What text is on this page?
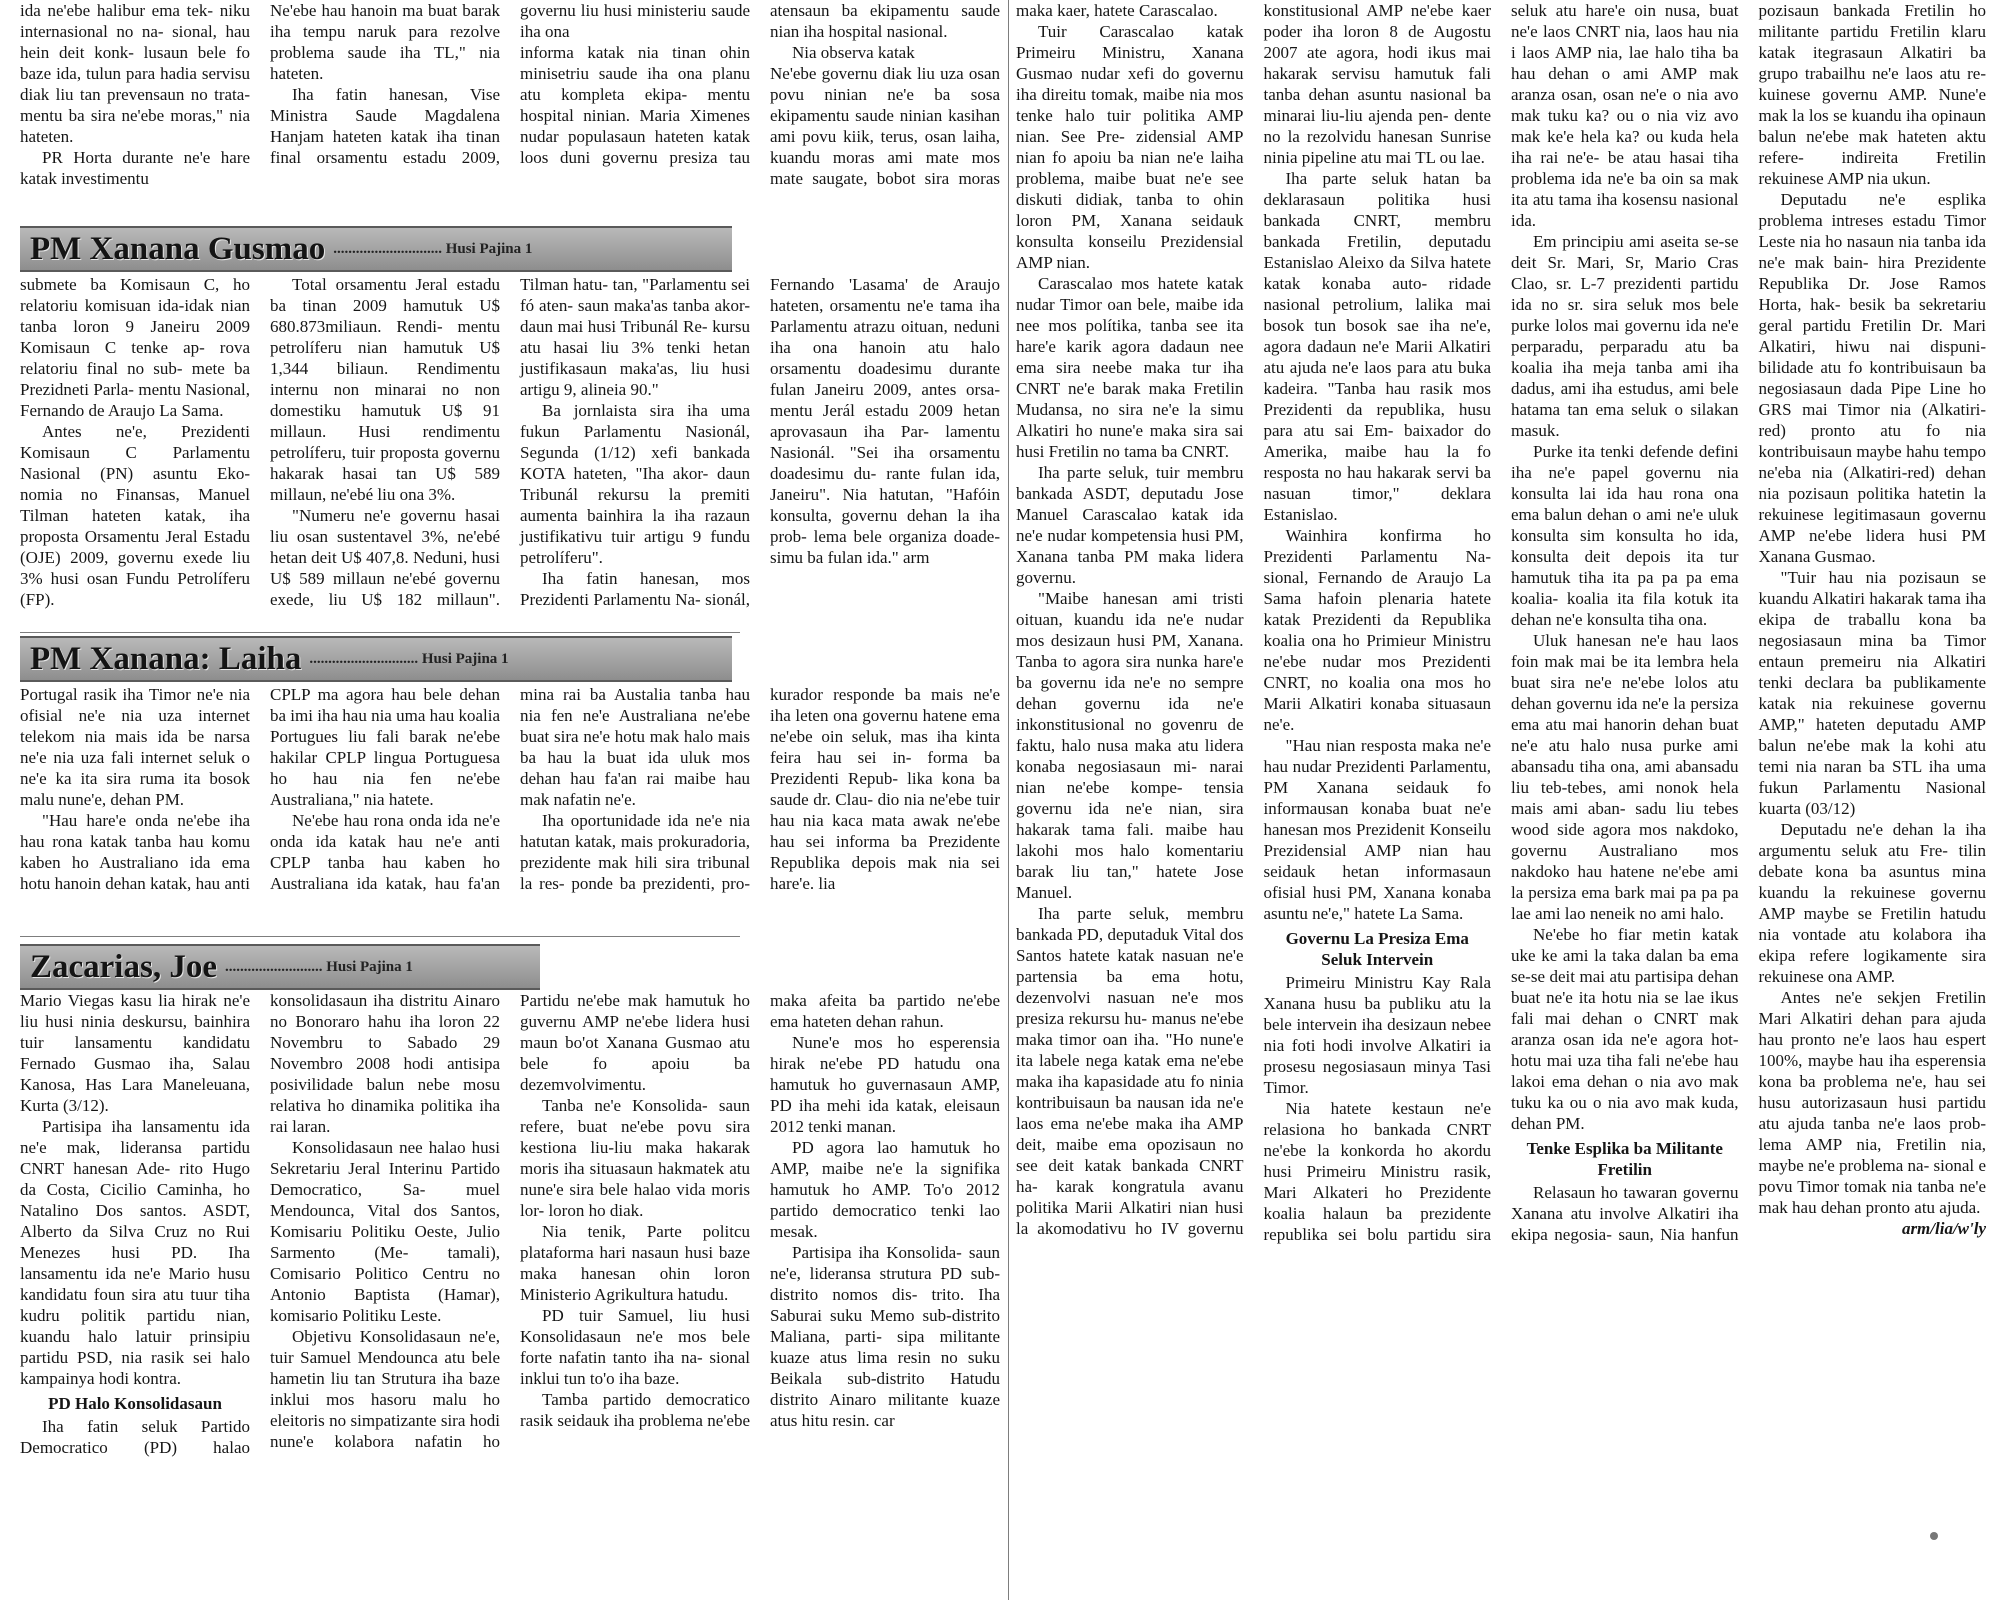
ida ne'ebe halibur ema tek- niku internasional no na- sional, hau hein deit konk- lusaun bele fo baze ida, tulun para hadia servisu diak liu tan prevensaun no trata- mentu ba sira ne'ebe moras," nia hateten.

PR Horta durante ne'e hare katak investimentu

Ne'ebe hau hanoin ma buat barak iha tempu naruk para rezolve problema saude iha TL," nia hateten.

Iha fatin hanesan, Vise Ministra Saude Magdalena Hanjam hateten katak iha tinan final orsamentu estadu 2009, governu liu husi ministeriu saude iha ona

informa katak nia tinan ohin minisetriu saude iha ona planu atu kompleta ekipa- mentu hospital ninian. Maria Ximenes nudar populasaun hateten katak loos duni governu presiza tau atensaun ba ekipamentu saude nian iha hospital nasional.

Nia observa katak

Ne'ebe governu diak liu uza osan povu ninian ne'e ba sosa ekipamentu saude ninian kasihan ami povu kiik, terus, osan laiha, kuandu moras ami mate mos mate saugate, bobot sira moras

PM Xanana Gusmao ............................. Husi Pajina 1

submete ba Komisaun C, ho relatoriu komisuan ida-idak nian tanba loron 9 Janeiru 2009 Komisaun C tenke ap- rova relatoriu final no sub- mete ba Prezidneti Parla- mentu Nasional, Fernando de Araujo La Sama.

Antes ne'e, Prezidenti Komisaun C Parlamentu Nasional (PN) asuntu Eko- nomia no Finansas, Manuel Tilman hateten katak, iha proposta Orsamentu Jeral Estadu (OJE) 2009, governu exede liu 3% husi osan Fundu Petrolíferu (FP).

Total orsamentu Jeral estadu ba tinan 2009 hamutuk U$ 680.873miliaun. Rendi- mentu petrolíferu nian hamutuk U$ 1,344 biliaun. Rendimentu internu non minarai no non domestiku hamutuk U$ 91 millaun. Husi rendimentu petrolíferu, tuir proposta governu hakarak hasai tan U$ 589 millaun, ne'ebé liu ona 3%.

"Numeru ne'e governu hasai liu osan sustentavel 3%, ne'ebé hetan deit U$ 407,8. Neduni, husi U$ 589 millaun ne'ebé governu exede, liu U$ 182 millaun". Tilman hatu- tan, "Parlamentu sei fó aten- saun maka'as tanba akor- daun mai husi Tribunál Re- kursu atu hasai liu 3% tenki hetan justifikasaun maka'as, liu husi artigu 9, alineia 90."

Ba jornlaista sira iha uma fukun Parlamentu Nasionál, Segunda (1/12) xefi bankada KOTA hateten, "Iha akor- daun Tribunál rekursu la premiti aumenta bainhira la iha razaun justifikativu tuir artigu 9 fundu petrolíferu".

Iha fatin hanesan, mos Prezidenti Parlamentu Na- sionál, Fernando 'Lasama' de Araujo hateten, orsamentu ne'e tama iha Parlamentu atrazu oituan, neduni iha ona hanoin atu halo orsamentu doadesimu durante fulan Janeiru 2009, antes orsa- mentu Jerál estadu 2009 hetan aprovasaun iha Par- lamentu Nasionál. "Sei iha orsamentu doadesimu du- rante fulan ida, Janeiru". Nia hatutan, "Hafóin konsulta, governu dehan la iha prob- lema bele organiza doade- simu ba fulan ida." arm

PM Xanana: Laiha ............................. Husi Pajina 1

Portugal rasik iha Timor ne'e nia ofisial ne'e nia uza internet telekom nia mais ida be narsa ne'e nia uza fali internet seluk o ne'e ka ita sira ruma ita bosok malu nune'e, dehan PM.

"Hau hare'e onda ne'ebe iha hau rona katak tanba hau komu kaben ho Australiano ida ema hotu hanoin dehan katak, hau anti CPLP ma agora hau bele dehan ba imi iha hau nia uma hau koalia Portugues liu fali barak ne'ebe hakilar CPLP lingua Portuguesa ho hau nia fen ne'ebe Australiana," nia hatete.

Ne'ebe hau rona onda ida ne'e onda ida katak hau ne'e anti CPLP tanba hau kaben ho Australiana ida katak, hau fa'an mina rai ba Austalia tanba hau nia fen ne'e Australiana ne'ebe buat sira ne'e hotu mak halo mais ba hau la buat ida uluk mos dehan hau fa'an rai maibe hau mak nafatin ne'e.

Iha oportunidade ida ne'e nia hatutan katak, mais prokuradoria, prezidente mak hili sira tribunal la res- ponde ba prezidenti, pro- kurador responde ba mais ne'e iha leten ona governu hatene ema ne'ebe oin seluk, mas iha kinta feira hau sei in- forma ba Prezidenti Repub- lika kona ba saude dr. Clau- dio nia ne'ebe tuir hau nia kaca mata awak ne'ebe hau sei informa ba Prezidente Republika depois mak nia sei hare'e. lia

Zacarias, Joe .......................... Husi Pajina 1

Mario Viegas kasu lia hirak ne'e liu husi ninia deskursu, bainhira tuir lansamentu kandidatu Fernado Gusmao iha, Salau Kanosa, Has Lara Maneleuana, Kurta (3/12).

Partisipa iha lansamentu ida ne'e mak, lideransa partidu CNRT hanesan Ade- rito Hugo da Costa, Cicilio Caminha, ho Natalino Dos santos. ASDT, Alberto da Silva Cruz no Rui Menezes husi PD. Iha lansamentu ida ne'e Mario husu kandidatu foun sira atu tuur tiha kudru politik partidu nian, kuandu halo latuir prinsipiu partidu PSD, nia rasik sei halo kampainya hodi kontra.

PD Halo Konsolidasaun

Iha fatin seluk Partido Democratico (PD) halao konsolidasaun iha distritu Ainaro no Bonoraro hahu iha loron 22 Novembru to Sabado 29 Novembro 2008 hodi antisipa posivilidade balun nebe mosu relativa ho dinamika politika iha rai laran.

Konsolidasaun nee halao husi Sekretariu Jeral Interinu Partido Democratico, Sa- muel Mendounca, Vital dos Santos, Komisariu Politiku Oeste, Julio Sarmento (Me- tamali), Comisario Politico Centru no Antonio Baptista (Hamar), komisario Politiku Leste.

Objetivu Konsolidasaun ne'e, tuir Samuel Mendounca atu bele hametin liu tan Strutura iha baze inklui mos hasoru malu ho eleitoris no simpatizante sira hodi nune'e kolabora nafatin ho Partidu ne'ebe mak hamutuk ho guvernu AMP ne'ebe lidera husi maun bo'ot Xanana Gusmao atu bele fo apoiu ba dezemvolvimentu.

Tanba ne'e Konsolida- saun refere, buat ne'ebe povu sira kestiona liu-liu maka hakarak moris iha situasaun hakmatek atu nune'e sira bele halao vida moris lor- loron ho diak.

Nia tenik, Parte politcu plataforma hari nasaun husi baze maka hanesan ohin loron Ministerio Agrikultura hatudu.

PD tuir Samuel, liu husi Konsolidasaun ne'e mos bele forte nafatin tanto iha na- sional inklui tun to'o iha baze.

Tamba partido democratico rasik seidauk iha problema ne'ebe maka afeita ba partido ne'ebe ema hateten dehan rahun.

Nune'e mos ho esperensia hirak ne'ebe PD hatudu ona hamutuk ho guvernasaun AMP, PD iha mehi ida katak, eleisaun 2012 tenki manan.

PD agora lao hamutuk ho AMP, maibe ne'e la signifika hamutuk ho AMP. To'o 2012 partido democratico tenki lao mesak.

Partisipa iha Konsolida- saun ne'e, lideransa strutura PD sub-distrito nomos dis- trito. Iha Saburai suku Memo sub-distrito Maliana, parti- sipa militante kuaze atus lima resin no suku Beikala sub-distrito Hatudu distrito Ainaro militante kuaze atus hitu resin. car

maka kaer, hatete Carascalao.

Tuir Carascalao katak Primeiru Ministru, Xanana Gusmao nudar xefi do governu iha direitu tomak, maibe nia mos tenke halo tuir politika AMP nian. See Pre- zidensial AMP nian fo apoiu ba nian ne'e laiha problema, maibe buat ne'e see diskuti didiak, tanba to ohin loron PM, Xanana seidauk konsulta konseilu Prezidensial AMP nian.

Carascalao mos hatete katak nudar Timor oan bele, maibe ida nee mos polítika, tanba see ita hare'e karik agora dadaun nee ema sira neebe maka tur iha CNRT ne'e barak maka Fretilin Mudansa, no sira ne'e la simu Alkatiri ho nune'e maka sira sai husi Fretilin no tama ba CNRT.

Iha parte seluk, tuir membru bankada ASDT, deputadu Jose Manuel Carascalao katak ida ne'e nudar kompetensia husi PM, Xanana tanba PM maka lidera governu.

"Maibe hanesan ami tristi oituan, kuandu ida ne'e nudar mos desizaun husi PM, Xanana. Tanba to agora sira nunka hare'e ba governu ida ne'e no sempre dehan governu ida ne'e inkonstitusional no govenru de faktu, halo nusa maka atu lidera konaba negosiasaun mi- narai nian ne'ebe kompe- tensia governu ida ne'e nian, sira hakarak tama fali. maibe hau lakohi mos halo komentariu barak liu tan," hatete Jose Manuel.

Iha parte seluk, membru bankada PD, deputaduk Vital dos Santos hatete katak nasuan ne'e partensia ba ema hotu, dezenvolvi nasuan ne'e mos presiza rekursu hu- manus ne'ebe maka timor oan iha. "Ho nune'e ita labele nega katak ema ne'ebe maka iha kapasidade atu fo ninia kontribuisaun ba nausan ida ne'e laos ema ne'ebe maka iha AMP deit, maibe ema opozisaun no see deit katak bankada CNRT ha- karak kongratula avanu politika Marii Alkatiri nian husi la akomodativu ho IV governu konstitusional AMP ne'ebe kaer poder iha loron 8 de Augostu 2007 ate agora, hodi ikus mai hakarak servisu hamutuk fali tanba dehan asuntu nasional ba minarai liu-liu ajenda pen- dente no la rezolvidu hanesan Sunrise ninia pipeline atu mai TL ou lae.

Iha parte seluk hatan ba deklarasaun politika husi bankada CNRT, membru bankada Fretilin, deputadu Estanislao Aleixo da Silva hatete katak konaba auto- ridade nasional petrolium, lalika mai bosok tun bosok sae iha ne'e, agora dadaun ne'e Marii Alkatiri atu ajuda ne'e laos para atu buka kadeira. "Tanba hau rasik mos Prezidenti da republika, husu para atu sai Em- baixador do Amerika, maibe hau la fo resposta no hau hakarak servi ba nasuan timor," deklara Estanislao.

Wainhira konfirma ho Prezidenti Parlamentu Na- sional, Fernando de Araujo La Sama hafoin plenaria hatete katak Prezidenti da Republika koalia ona ho Primieur Ministru ne'ebe nudar mos Prezidenti CNRT, no koalia ona mos ho Marii Alkatiri konaba situasaun ne'e.

"Hau nian resposta maka ne'e hau nudar Prezidenti Parlamentu, PM Xanana seidauk fo informausan konaba buat ne'e hanesan mos Prezidenit Konseilu Prezidensial AMP nian hau seidauk hetan informasaun ofisial husi PM, Xanana konaba asuntu ne'e," hatete La Sama.

Governu La Presiza Ema Seluk Intervein

Primeiru Ministru Kay Rala Xanana husu ba publiku atu la bele intervein iha desizaun nebee nia foti hodi involve Alkatiri ia prosesu negosiasaun minya Tasi Timor.

Nia hatete kestaun ne'e relasiona ho bankada CNRT ne'ebe la konkorda ho akordu husi Primeiru Ministru rasik, Mari Alkateri ho Prezidente koalia halaun ba prezidente republika sei bolu partidu sira seluk atu hare'e oin nusa, buat ne'e laos CNRT nia, laos hau nia i laos AMP nia, lae halo tiha ba hau dehan o ami AMP mak aranza osan, osan ne'e o nia avo mak tuku ka? ou o nia viz avo mak ke'e hela ka? ou kuda hela iha rai ne'e- be atau hasai tiha problema ida ne'e ba oin sa mak ita atu tama iha kosensu nasional ida.

Em principiu ami aseita se-se deit Sr. Mari, Sr, Mario Cras Clao, sr. L-7 prezidenti partidu ida no sr. sira seluk mos bele purke lolos mai governu ida ne'e perparadu, perparadu atu ba koalia iha meja tanba ami iha dadus, ami iha estudus, ami bele hatama tan ema seluk o silakan masuk.

Purke ita tenki defende defini iha ne'e papel governu nia konsulta lai ida hau rona ona ema balun dehan o ami ne'e uluk konsulta sim konsulta ho ida, konsulta deit depois ita tur hamutuk tiha ita pa pa pa ema koalia- koalia ita fila kotuk ita dehan ne'e konsulta tiha ona.

Uluk hanesan ne'e hau laos foin mak mai be ita lembra hela buat sira ne'e ne'ebe lolos atu dehan governu ida ne'e la persiza ema atu mai hanorin dehan buat ne'e atu halo nusa purke ami abansadu tiha ona, ami abansadu liu teb-tebes, ami nonok hela mais ami aban- sadu liu tebes wood side agora mos nakdoko, governu Australiano mos nakdoko hau hatene ne'ebe ami la persiza ema bark mai pa pa pa lae ami lao neneik no ami halo.

Ne'ebe ho fiar metin katak uke ke ami la taka dalan ba ema se-se deit mai atu partisipa dehan buat ne'e ita hotu nia se lae ikus fali mai dehan o CNRT mak aranza osan ida ne'e agora hot-hotu mai uza tiha fali ne'ebe hau lakoi ema dehan o nia avo mak tuku ka ou o nia avo mak kuda, dehan PM.

Tenke Esplika ba Militante Fretilin

Relasaun ho tawaran governu Xanana atu involve Alkatiri iha ekipa negosia- saun, Nia hanfun pozisaun bankada Fretilin ho militante partidu Fretilin klaru katak itegrasaun Alkatiri ba grupo trabailhu ne'e laos atu re- kuinese governu AMP. Nune'e mak la los se kuandu iha opinaun balun ne'ebe mak hateten aktu refere- indireita Fretilin rekuinese AMP nia ukun.

Deputadu ne'e esplika problema intreses estadu Timor Leste nia ho nasaun nia tanba ida ne'e mak bain- hira Prezidente Republika Dr. Jose Ramos Horta, hak- besik ba sekretariu geral partidu Fretilin Dr. Mari Alkatiri, hiwu nai dispuni- bilidade atu fo kontribuisaun ba negosiasaun dada Pipe Line ho GRS mai Timor nia (Alkatiri-red) pronto atu fo nia kontribuisaun maybe hahu tempo ne'eba nia (Alkatiri-red) dehan nia pozisaun politika hatetin la rekuinese legitimasaun governu AMP ne'ebe lidera husi PM Xanana Gusmao.

"Tuir hau nia pozisaun se kuandu Alkatiri hakarak tama iha ekipa de traballu kona ba negosiasaun mina ba Timor entaun premeiru nia Alkatiri tenki declara ba publikamente katak nia rekuinese governu AMP," hateten deputadu AMP balun ne'ebe mak la kohi atu temi nia naran ba STL iha uma fukun Parlamentu Nasional kuarta (03/12)

Deputadu ne'e dehan la iha argumentu seluk atu Fre- tilin debate kona ba asuntus mina kuandu la rekuinese governu AMP maybe se Fretilin hatudu nia vontade atu kolabora iha ekipa refere logikamente sira rekuinese ona AMP.

Antes ne'e sekjen Fretilin Mari Alkatiri dehan para ajuda hau pronto ne'e laos hau espert 100%, maybe hau iha esperensia kona ba problema ne'e, hau sei husu autorizasaun husi partidu atu ajuda tanba ne'e laos prob- lema AMP nia, Fretilin nia, maybe ne'e problema na- sional e povu Timor tomak nia tanba ne'e mak hau dehan pronto atu ajuda.

arm/lia/w'ly
